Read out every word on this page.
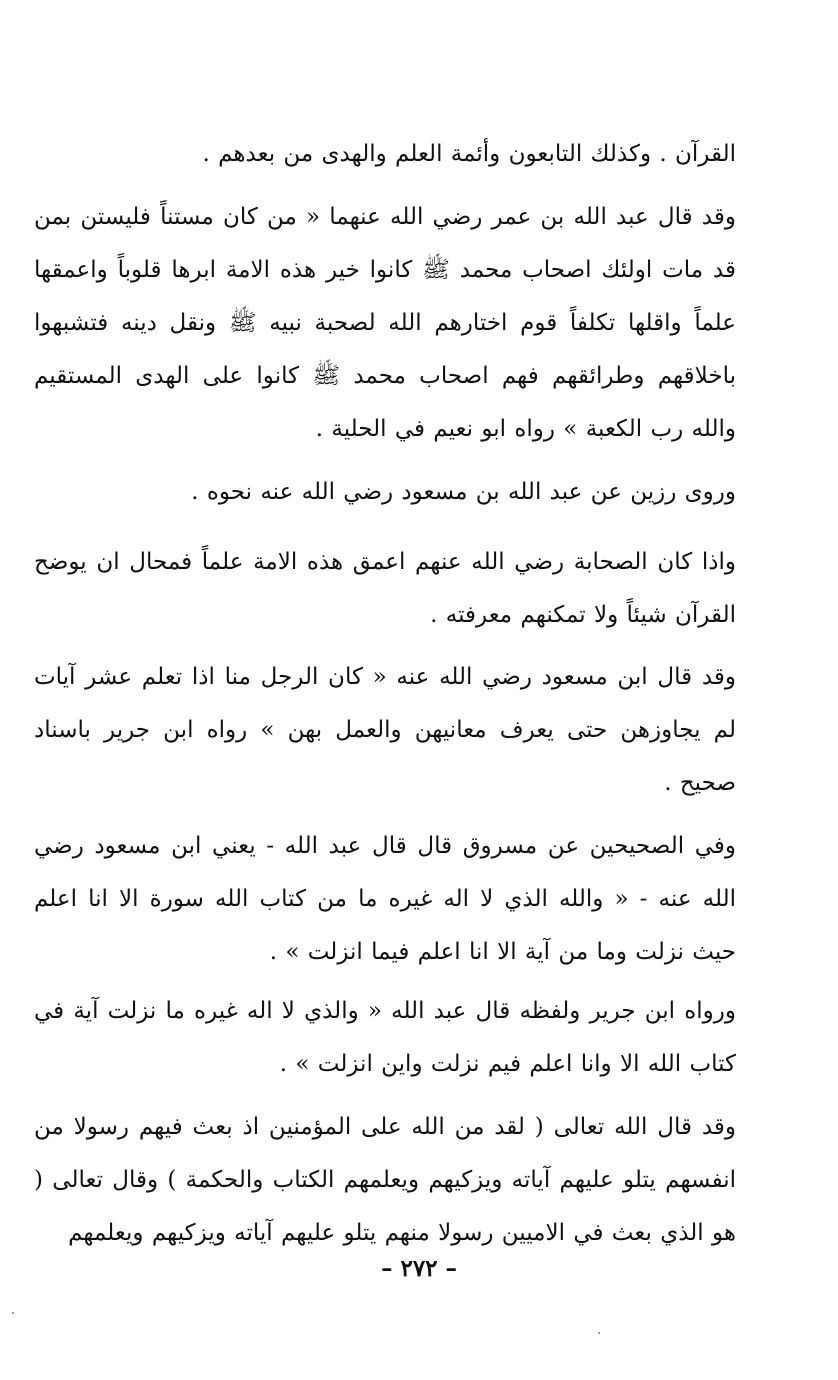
القرآن . وكذلك التابعون وأئمة العلم والهدى من بعدهم .

وقد قال عبد الله بن عمر رضي الله عنهما « من كان مستناً فليستن بمن قد مات اولئك اصحاب محمد ﷺ كانوا خير هذه الامة ابرها قلوباً واعمقها علماً واقلها تكلفاً قوم اختارهم الله لصحبة نبيه ﷺ ونقل دينه فتشبهوا باخلاقهم وطرائقهم فهم اصحاب محمد ﷺ كانوا على الهدى المستقيم والله رب الكعبة » رواه ابو نعيم في الحلية .

وروى رزين عن عبد الله بن مسعود رضي الله عنه نحوه .

واذا كان الصحابة رضي الله عنهم اعمق هذه الامة علماً فمحال ان يوضح القرآن شيئاً ولا تمكنهم معرفته .

وقد قال ابن مسعود رضي الله عنه « كان الرجل منا اذا تعلم عشر آيات لم يجاوزهن حتى يعرف معانيهن والعمل بهن » رواه ابن جرير باسناد صحيح .

وفي الصحيحين عن مسروق قال قال عبد الله - يعني ابن مسعود رضي الله عنه - « والله الذي لا اله غيره ما من كتاب الله سورة الا انا اعلم حيث نزلت وما من آية الا انا اعلم فيما انزلت » .

ورواه ابن جرير ولفظه قال عبد الله « والذي لا اله غيره ما نزلت آية في كتاب الله الا وانا اعلم فيم نزلت واين انزلت » .

وقد قال الله تعالى ( لقد من الله على المؤمنين اذ بعث فيهم رسولا من انفسهم يتلو عليهم آياته ويزكيهم ويعلمهم الكتاب والحكمة ) وقال تعالى ( هو الذي بعث في الاميين رسولا منهم يتلو عليهم آياته ويزكيهم ويعلمهم

– ٢٧٢ –
